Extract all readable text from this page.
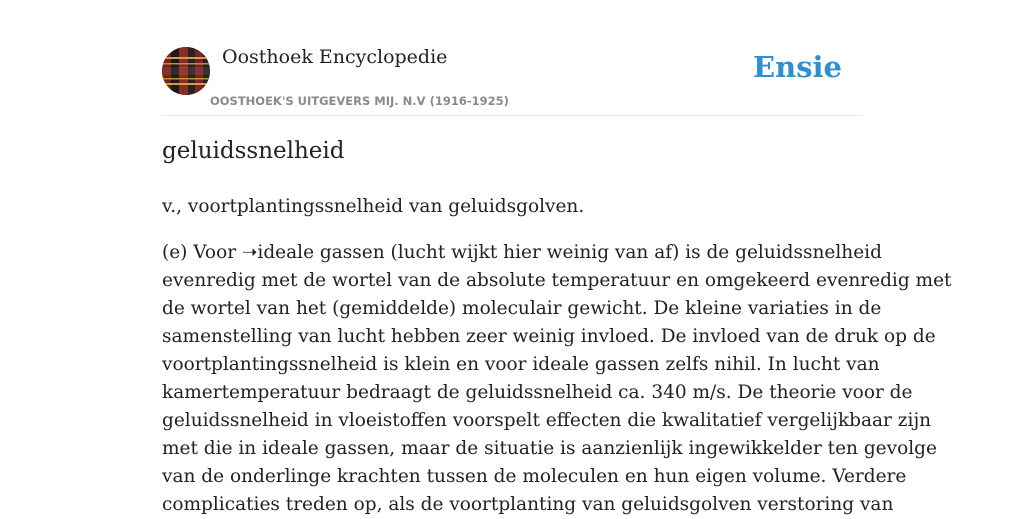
Oosthoek Encyclopedie
OOSTHOEK'S UITGEVERS MIJ. N.V (1916-1925)
Ensie
geluidssnelheid

v., voortplantingssnelheid van geluidsgolven.

(e) Voor ➝ideale gassen (lucht wijkt hier weinig van af) is de geluidssnelheid
evenredig met de wortel van de absolute temperatuur en omgekeerd evenredig met
de wortel van het (gemiddelde) moleculair gewicht. De kleine variaties in de
samenstelling van lucht hebben zeer weinig invloed. De invloed van de druk op de
voortplantingssnelheid is klein en voor ideale gassen zelfs nihil. In lucht van
kamertemperatuur bedraagt de geluidssnelheid ca. 340 m/s. De theorie voor de
geluidssnelheid in vloeistoffen voorspelt effecten die kwalitatief vergelijkbaar zijn
met die in ideale gassen, maar de situatie is aanzienlijk ingewikkelder ten gevolge
van de onderlinge krachten tussen de moleculen en hun eigen volume. Verdere
complicaties treden op, als de voortplanting van geluidsgolven verstoring van
